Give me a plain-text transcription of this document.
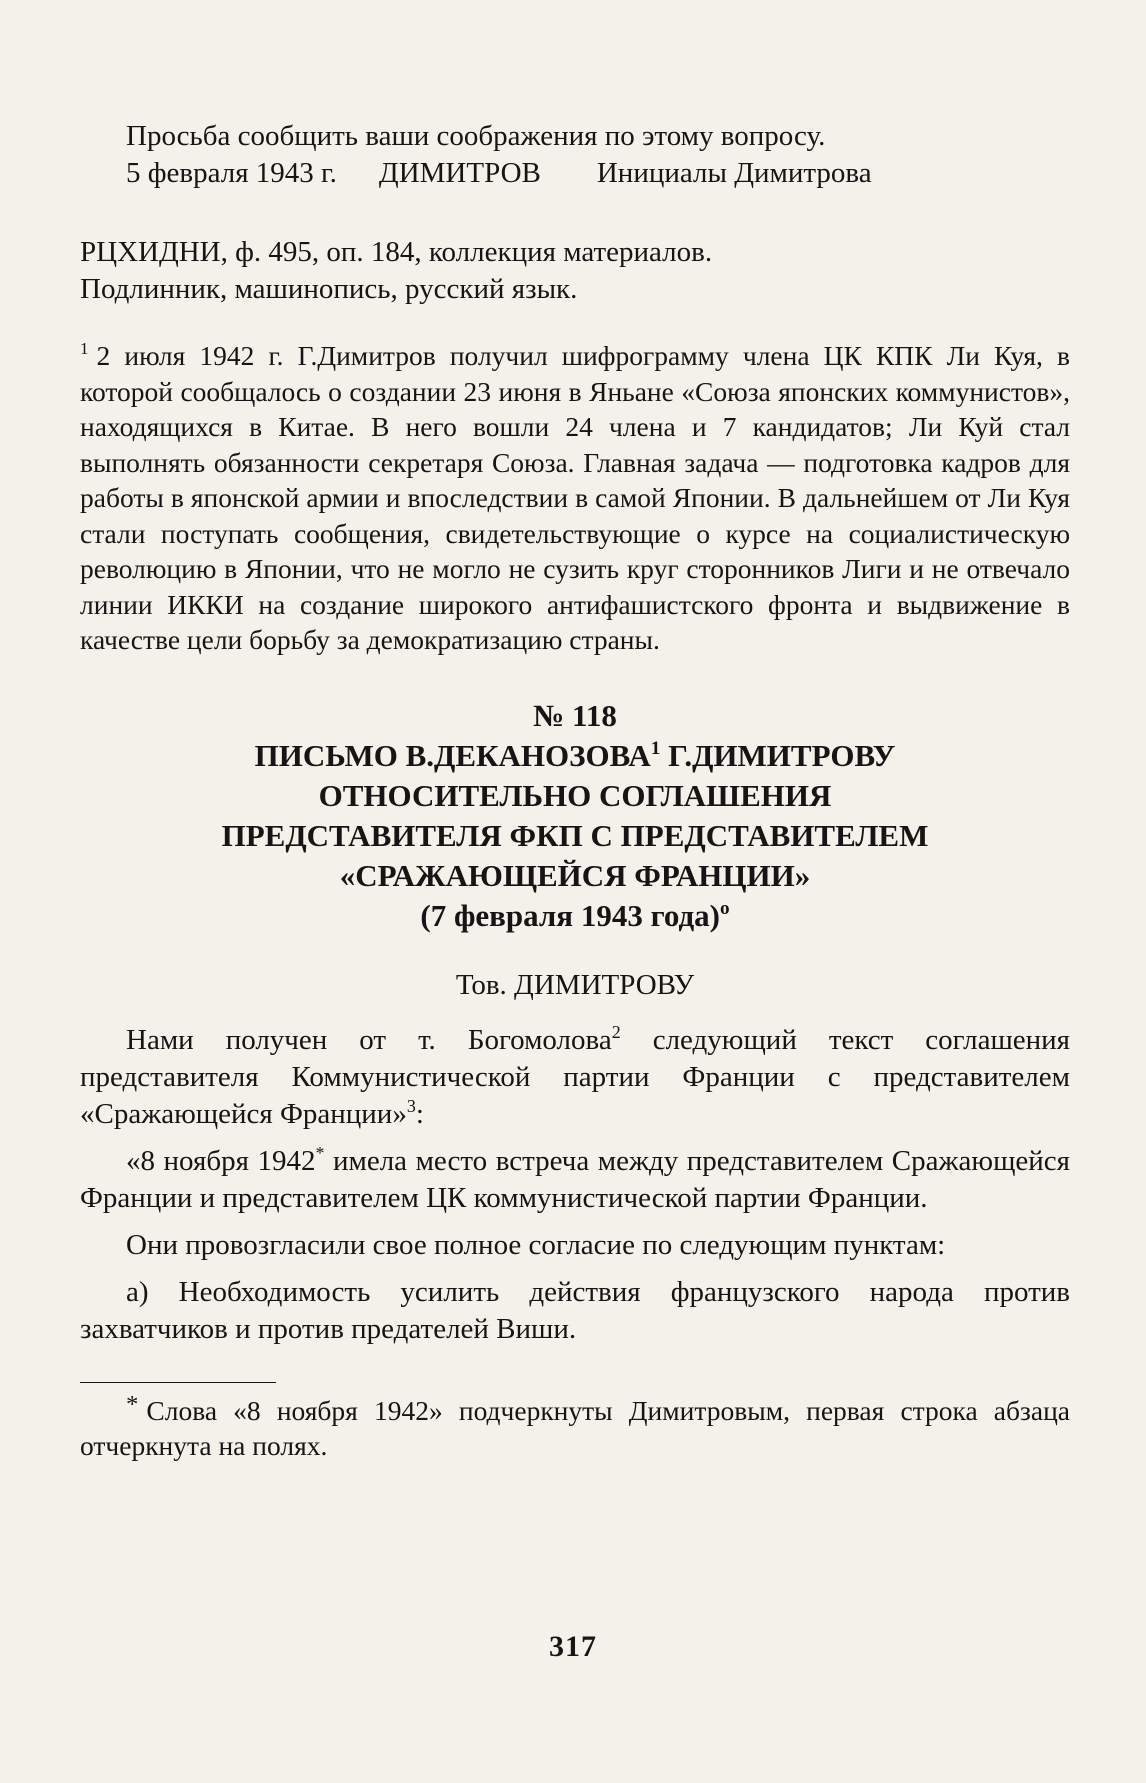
Просьба сообщить ваши соображения по этому вопросу.

5 февраля 1943 г. ДИМИТРОВ Инициалы Димитрова

РЦХИДНИ, ф. 495, оп. 184, коллекция материалов.

Подлинник, машинопись, русский язык.

$^1$ 2 июля 1942 г. Г.Димитров получил шифрограмму члена ЦК КПК Ли Куя, в которой сообщалось о создании 23 июня в Яньане «Союза японских коммунистов», находящихся в Китае. В него вошли 24 члена и 7 кандидатов; Ли Куй стал выполнять обязанности секретаря Союза. Главная задача — подготовка кадров для работы в японской армии и впоследствии в самой Японии. В дальнейшем от Ли Куя стали поступать сообщения, свидетельствующие о курсе на социалистическую революцию в Японии, что не могло не сузить круг сторонников Лиги и не отвечало линии ИККИ на создание широкого антифашистского фронта и выдвижение в качестве цели борьбу за демократизацию страны.

№ 118

ПИСЬМО В.ДЕКАНОЗОВА$^1$ Г.ДИМИТРОВУ

ОТНОСИТЕЛЬНО СОГЛАШЕНИЯ

ПРЕДСТАВИТЕЛЯ ФКП С ПРЕДСТАВИТЕЛЕМ

«СРАЖАЮЩЕЙСЯ ФРАНЦИИ»

(7 февраля 1943 года)$^о$

Тов. ДИМИТРОВУ

Нами получен от т. Богомолова$^2$ следующий текст соглашения представителя Коммунистической партии Франции с представителем «Сражающейся Франции»$^3$:

«8 ноября 1942* имела место встреча между представителем Сражающейся Франции и представителем ЦК коммунистической партии Франции.

Они провозгласили свое полное согласие по следующим пунктам:

а) Необходимость усилить действия французского народа против захватчиков и против предателей Виши.

* Слова «8 ноября 1942» подчеркнуты Димитровым, первая строка абзаца отчеркнута на полях.

317
